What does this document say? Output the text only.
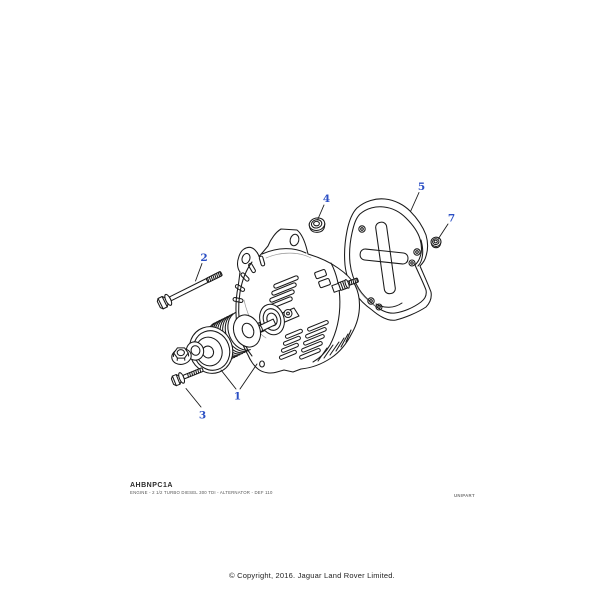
1
2
3
4
5
7
AHBNPC1A
ENGINE - 2 1/2 TURBO DIESEL 300 TDI - ALTERNATOR - DEF 110
UNIPART
© Copyright, 2016. Jaguar Land Rover Limited.
